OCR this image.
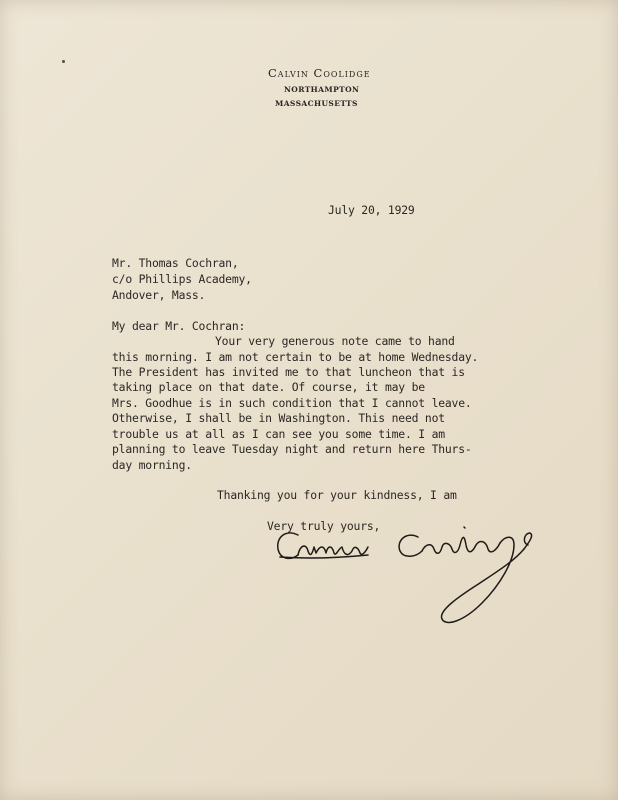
Calvin Coolidge
NORTHAMPTON
MASSACHUSETTS

July 20, 1929

Mr. Thomas Cochran,

c/o Phillips Academy,

Andover, Mass.

My dear Mr. Cochran:

Your very generous note came to hand

this morning. I am not certain to be at home Wednesday.

The President has invited me to that luncheon that is

taking place on that date. Of course, it may be

Mrs. Goodhue is in such condition that I cannot leave.

Otherwise, I shall be in Washington. This need not

trouble us at all as I can see you some time. I am

planning to leave Tuesday night and return here Thurs-

day morning.

Thanking you for your kindness, I am

Very truly yours,
